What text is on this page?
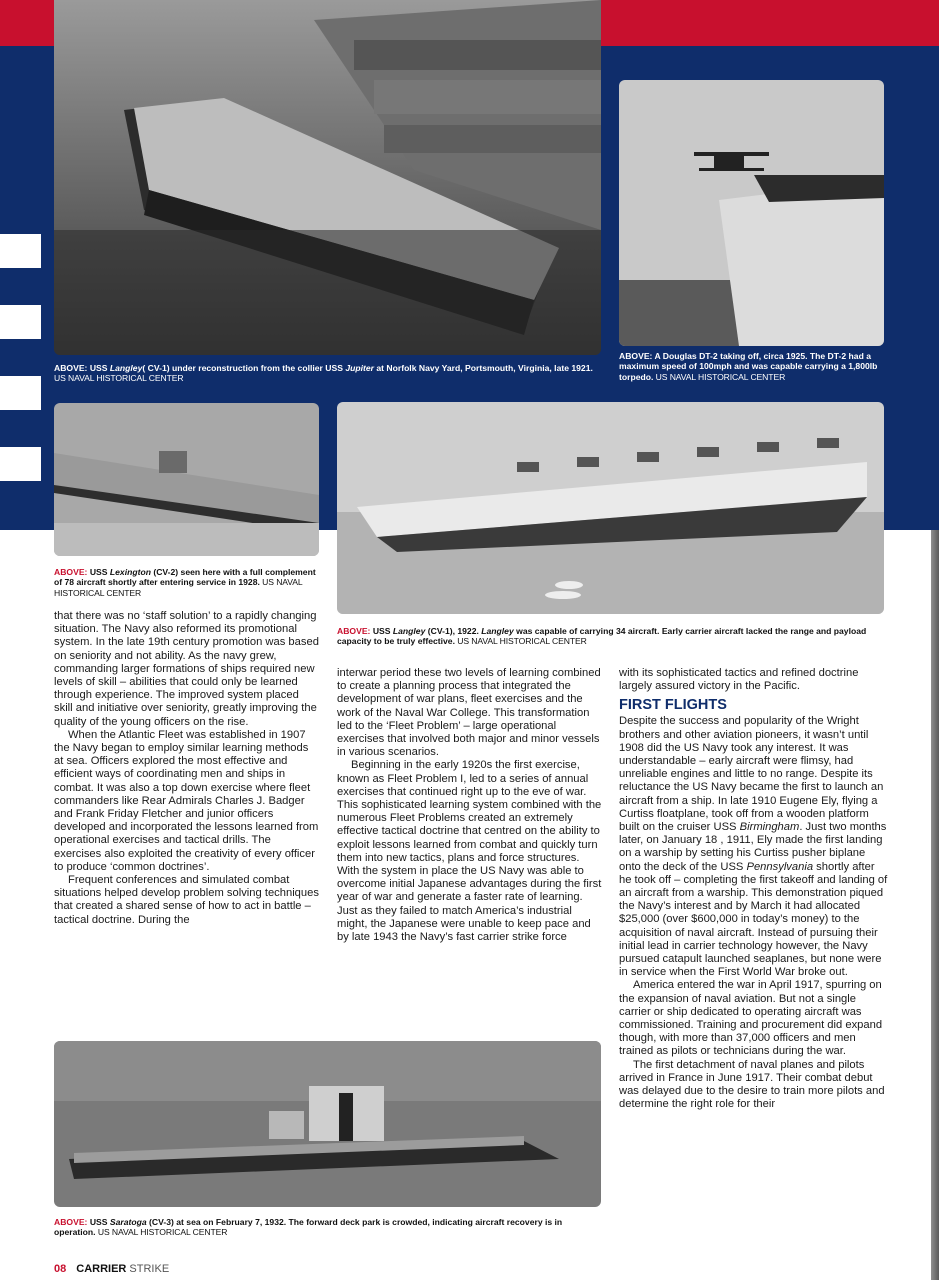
ABOVE: USS Langley( CV-1) under reconstruction from the collier USS Jupiter at Norfolk Navy Yard, Portsmouth, Virginia, late 1921. US NAVAL HISTORICAL CENTER
ABOVE: A Douglas DT-2 taking off, circa 1925. The DT-2 had a maximum speed of 100mph and was capable carrying a 1,800lb torpedo. US NAVAL HISTORICAL CENTER
ABOVE: USS Lexington (CV-2) seen here with a full complement of 78 aircraft shortly after entering service in 1928. US NAVAL HISTORICAL CENTER
ABOVE: USS Langley (CV-1), 1922. Langley was capable of carrying 34 aircraft. Early carrier aircraft lacked the range and payload capacity to be truly effective. US NAVAL HISTORICAL CENTER
ABOVE: USS Saratoga (CV-3) at sea on February 7, 1932. The forward deck park is crowded, indicating aircraft recovery is in operation. US NAVAL HISTORICAL CENTER

that there was no ‘staff solution’ to a rapidly changing situation. The Navy also reformed its promotional system. In the late 19th century promotion was based on seniority and not ability. As the navy grew, commanding larger formations of ships required new levels of skill – abilities that could only be learned through experience. The improved system placed skill and initiative over seniority, greatly improving the quality of the young officers on the rise.

When the Atlantic Fleet was established in 1907 the Navy began to employ similar learning methods at sea. Officers explored the most effective and efficient ways of coordinating men and ships in combat. It was also a top down exercise where fleet commanders like Rear Admirals Charles J. Badger and Frank Friday Fletcher and junior officers developed and incorporated the lessons learned from operational exercises and tactical drills. The exercises also exploited the creativity of every officer to produce ‘common doctrines’.

Frequent conferences and simulated combat situations helped develop problem solving techniques that created a shared sense of how to act in battle – tactical doctrine. During the

interwar period these two levels of learning combined to create a planning process that integrated the development of war plans, fleet exercises and the work of the Naval War College. This transformation led to the ‘Fleet Problem’ – large operational exercises that involved both major and minor vessels in various scenarios.

Beginning in the early 1920s the first exercise, known as Fleet Problem I, led to a series of annual exercises that continued right up to the eve of war. This sophisticated learning system combined with the numerous Fleet Problems created an extremely effective tactical doctrine that centred on the ability to exploit lessons learned from combat and quickly turn them into new tactics, plans and force structures. With the system in place the US Navy was able to overcome initial Japanese advantages during the first year of war and generate a faster rate of learning. Just as they failed to match America’s industrial might, the Japanese were unable to keep pace and by late 1943 the Navy’s fast carrier strike force

with its sophisticated tactics and refined doctrine largely assured victory in the Pacific.

FIRST FLIGHTS

Despite the success and popularity of the Wright brothers and other aviation pioneers, it wasn’t until 1908 did the US Navy took any interest. It was understandable – early aircraft were flimsy, had unreliable engines and little to no range. Despite its reluctance the US Navy became the first to launch an aircraft from a ship. In late 1910 Eugene Ely, flying a Curtiss floatplane, took off from a wooden platform built on the cruiser USS Birmingham. Just two months later, on January 18 , 1911, Ely made the first landing on a warship by setting his Curtiss pusher biplane onto the deck of the USS Pennsylvania shortly after he took off – completing the first takeoff and landing of an aircraft from a warship. This demonstration piqued the Navy’s interest and by March it had allocated $25,000 (over $600,000 in today’s money) to the acquisition of naval aircraft. Instead of pursuing their initial lead in carrier technology however, the Navy pursued catapult launched seaplanes, but none were in service when the First World War broke out.

America entered the war in April 1917, spurring on the expansion of naval aviation. But not a single carrier or ship dedicated to operating aircraft was commissioned. Training and procurement did expand though, with more than 37,000 officers and men trained as pilots or technicians during the war.

The first detachment of naval planes and pilots arrived in France in June 1917. Their combat debut was delayed due to the desire to train more pilots and determine the right role for their

08 CARRIER STRIKE
